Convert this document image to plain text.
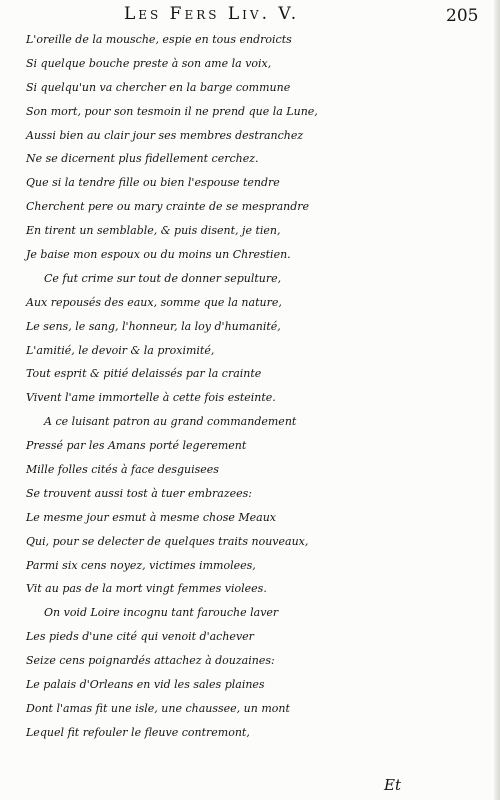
Les Fers Liv. V.	205
L'oreille de la mousche, espie en tous endroicts
Si quelque bouche preste à son ame la voix,
Si quelqu'un va chercher en la barge commune
Son mort, pour son tesmoin il ne prend que la Lune,
Aussi bien au clair jour ses membres destranchez
Ne se dicernent plus fidellement cerchez.
Que si la tendre fille ou bien l'espouse tendre
Cherchent pere ou mary crainte de se mesprandre
En tirent un semblable, & puis disent, je tien,
Je baise mon espoux ou du moins un Chrestien.
Ce fut crime sur tout de donner sepulture,
Aux repousés des eaux, somme que la nature,
Le sens, le sang, l'honneur, la loy d'humanité,
L'amitié, le devoir & la proximité,
Tout esprit & pitié delaissés par la crainte
Vivent l'ame immortelle à cette fois esteinte.
A ce luisant patron au grand commandement
Pressé par les Amans porté legerement
Mille folles cités à face desguisees
Se trouvent aussi tost à tuer embrazees:
Le mesme jour esmut à mesme chose Meaux
Qui, pour se delecter de quelques traits nouveaux,
Parmi six cens noyez, victimes immolees,
Vit au pas de la mort vingt femmes violees.
On void Loire incognu tant farouche laver
Les pieds d'une cité qui venoit d'achever
Seize cens poignardés attachez à douzaines:
Le palais d'Orleans en vid les sales plaines
Dont l'amas fit une isle, une chaussee, un mont
Lequel fit refouler le fleuve contremont,
Et
